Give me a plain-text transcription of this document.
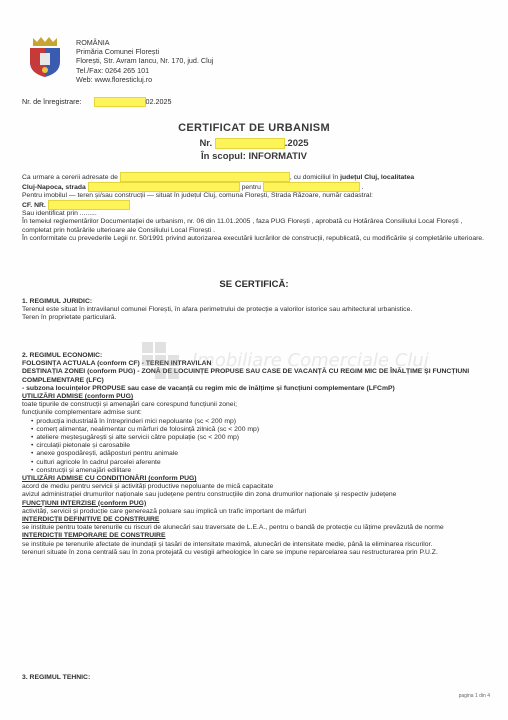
ROMÂNIA
Primăria Comunei Florești
Florești, Str. Avram Iancu, Nr. 170, jud. Cluj
Tel./Fax: 0264 265 101
Web: www.floresticluj.ro
Nr. de înregistrare:	02.2025
CERTIFICAT DE URBANISM
Nr.	.2025
În scopul: INFORMATIV

Ca urmare a cererii adresate de	, cu domiciliul în județul Cluj, localitatea

Cluj-Napoca, strada	pentru	.

Pentru imobilul — teren și/sau construcții — situat în județul Cluj, comuna Florești, Strada Răzoare, număr cadastral:

CF. NR.

Sau identificat prin .........

În temeiul reglementărilor Documentației de urbanism, nr. 06 din 11.01.2005 , faza PUG Florești , aprobată cu Hotărârea Consiliului Local Florești , completat prin hotărârile ulterioare ale Consiliului Local Florești .

În conformitate cu prevederile Legii nr. 50/1991 privind autorizarea executării lucrărilor de construcții, republicată, cu modificările și completările ulterioare.

SE CERTIFICĂ:

1. REGIMUL JURIDIC:

Terenul este situat în intravilanul comunei Florești, în afara perimetrului de protecție a valorilor istorice sau arhitectural urbanistice.

Teren în proprietate particulară.

2. REGIMUL ECONOMIC:

FOLOSINȚA ACTUALA (conform CF) - TEREN INTRAVILAN

DESTINAȚIA ZONEI (conform PUG) - ZONĂ DE LOCUINȚE PROPUSE SAU CASE DE VACANȚĂ CU REGIM MIC DE ÎNĂLȚIME ȘI FUNCȚIUNI COMPLEMENTARE (LFC)

- subzona locuințelor PROPUSE sau case de vacanță cu regim mic de înălțime și funcțiuni complementare (LFCmP)

UTILIZĂRI ADMISE (conform PUG)

toate tipurile de construcții și amenajări care corespund funcțiunii zonei;

funcțiunile complementare admise sunt:

• producția industrială în întreprinderi mici nepoluante (sc < 200 mp)
• comerț alimentar, nealimentar cu mărfuri de folosință zilnică (sc < 200 mp)
• ateliere meșteșugărești și alte servicii către populație (sc < 200 mp)
• circulații pietonale și carosabile
• anexe gospodărești, adăposturi pentru animale
• culturi agricole în cadrul parcelei aferente
• construcții și amenajări edilitare

UTILIZĂRI ADMISE CU CONDIȚIONĂRI (conform PUG)

acord de mediu pentru servicii și activități productive nepoluante de mică capacitate

avizul administrației drumurilor naționale sau județene pentru construcțiile din zona drumurilor naționale și respectiv județene

FUNCȚIUNI INTERZISE (conform PUG)

activități, servicii și producție care generează poluare sau implică un trafic important de mărfuri

INTERDICȚII DEFINITIVE DE CONSTRUIRE

se instituie pentru toate terenurile cu riscuri de alunecări sau traversate de L.E.A., pentru o bandă de protecție cu lățime prevăzută de norme

INTERDICȚII TEMPORARE DE CONSTRUIRE

se instituie pe terenurile afectate de inundații și tasări de intensitate maximă, alunecări de intensitate medie, până la eliminarea riscurilor.

terenuri situate în zona centrală sau în zona protejată cu vestigii arheologice în care se impune reparcelarea sau restructurarea prin P.U.Z.

3. REGIMUL TEHNIC:

Imobiliare Comerciale Cluj
pagina 1 din 4
